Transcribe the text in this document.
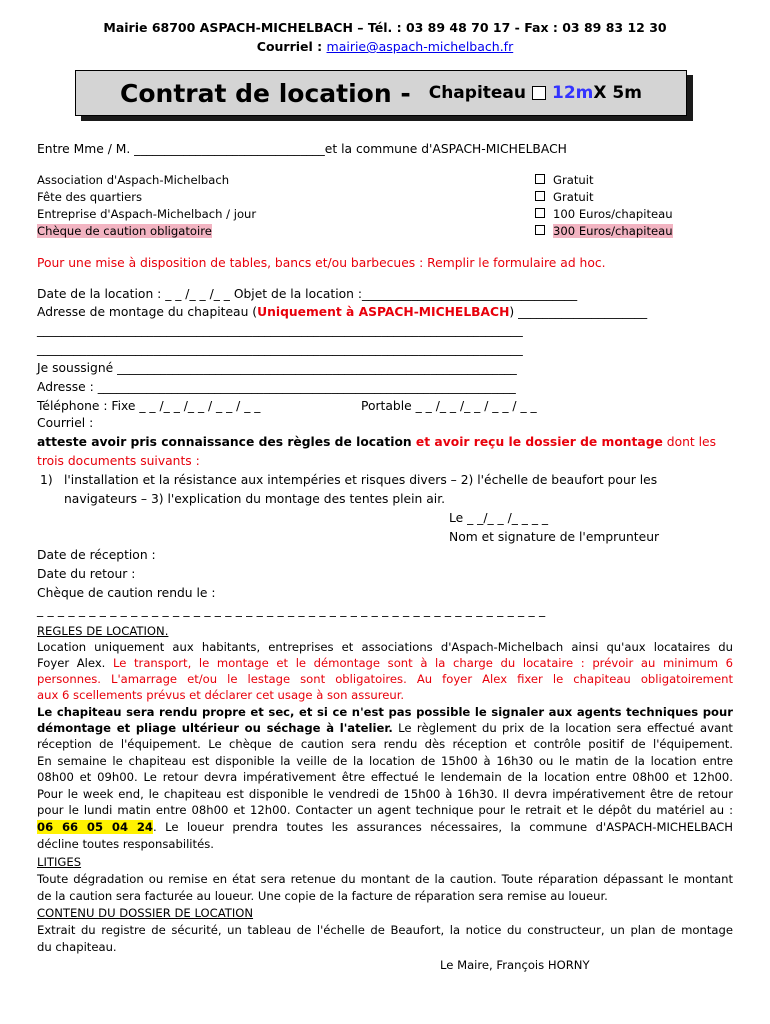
Mairie 68700 ASPACH-MICHELBACH – Tél. : 03 89 48 70 17 - Fax : 03 89 83 12 30
Courriel : mairie@aspach-michelbach.fr
Contrat de location - Chapiteau 12m X 5m
Entre Mme / M. _______________________________et la commune d'ASPACH-MICHELBACH
Association d'Aspach-Michelbach	Gratuit
Fête des quartiers	Gratuit
Entreprise d'Aspach-Michelbach / jour	100 Euros/chapiteau
Chèque de caution obligatoire	300 Euros/chapiteau
Pour une mise à disposition de tables, bancs et/ou barbecues : Remplir le formulaire ad hoc.
Date de la location : _ _ /_ _ /_ _ Objet de la location :___________________________________
Adresse de montage du chapiteau (Uniquement à ASPACH-MICHELBACH) _____________________
_______________________________________________________________________________
_______________________________________________________________________________
Je soussigné _________________________________________________________________
Adresse : ____________________________________________________________________
Téléphone : Fixe _ _ /_ _ /_ _ / _ _ / _ _	Portable _ _ /_ _ /_ _ / _ _ / _ _
Courriel :
atteste avoir pris connaissance des règles de location et avoir reçu le dossier de montage dont les
trois documents suivants :
1) l'installation et la résistance aux intempéries et risques divers – 2) l'échelle de beaufort pour les
navigateurs – 3) l'explication du montage des tentes plein air.
Le _ _/_ _ /_ _ _ _
Nom et signature de l'emprunteur
Date de réception :
Date du retour :
Chèque de caution rendu le :
_ _ _ _ _ _ _ _ _ _ _ _ _ _ _ _ _ _ _ _ _ _ _ _ _ _ _ _ _ _ _ _ _ _ _ _ _ _ _ _ _ _ _ _ _ _ _ _ _
REGLES DE LOCATION.
Location uniquement aux habitants, entreprises et associations d'Aspach-Michelbach ainsi qu'aux locataires du
Foyer Alex. Le transport, le montage et le démontage sont à la charge du locataire : prévoir au minimum 6
personnes. L'amarrage et/ou le lestage sont obligatoires. Au foyer Alex fixer le chapiteau obligatoirement
aux 6 scellements prévus et déclarer cet usage à son assureur.
Le chapiteau sera rendu propre et sec, et si ce n'est pas possible le signaler aux agents techniques pour
démontage et pliage ultérieur ou séchage à l'atelier. Le règlement du prix de la location sera effectué avant
réception de l'équipement. Le chèque de caution sera rendu dès réception et contrôle positif de l'équipement.
En semaine le chapiteau est disponible la veille de la location de 15h00 à 16h30 ou le matin de la location entre
08h00 et 09h00. Le retour devra impérativement être effectué le lendemain de la location entre 08h00 et 12h00.
Pour le week end, le chapiteau est disponible le vendredi de 15h00 à 16h30. Il devra impérativement être de retour
pour le lundi matin entre 08h00 et 12h00. Contacter un agent technique pour le retrait et le dépôt du matériel au :
06 66 05 04 24. Le loueur prendra toutes les assurances nécessaires, la commune d'ASPACH-MICHELBACH
décline toutes responsabilités.
LITIGES
Toute dégradation ou remise en état sera retenue du montant de la caution. Toute réparation dépassant le montant
de la caution sera facturée au loueur. Une copie de la facture de réparation sera remise au loueur.
CONTENU DU DOSSIER DE LOCATION
Extrait du registre de sécurité, un tableau de l'échelle de Beaufort, la notice du constructeur, un plan de montage
du chapiteau.
Le Maire, François HORNY
